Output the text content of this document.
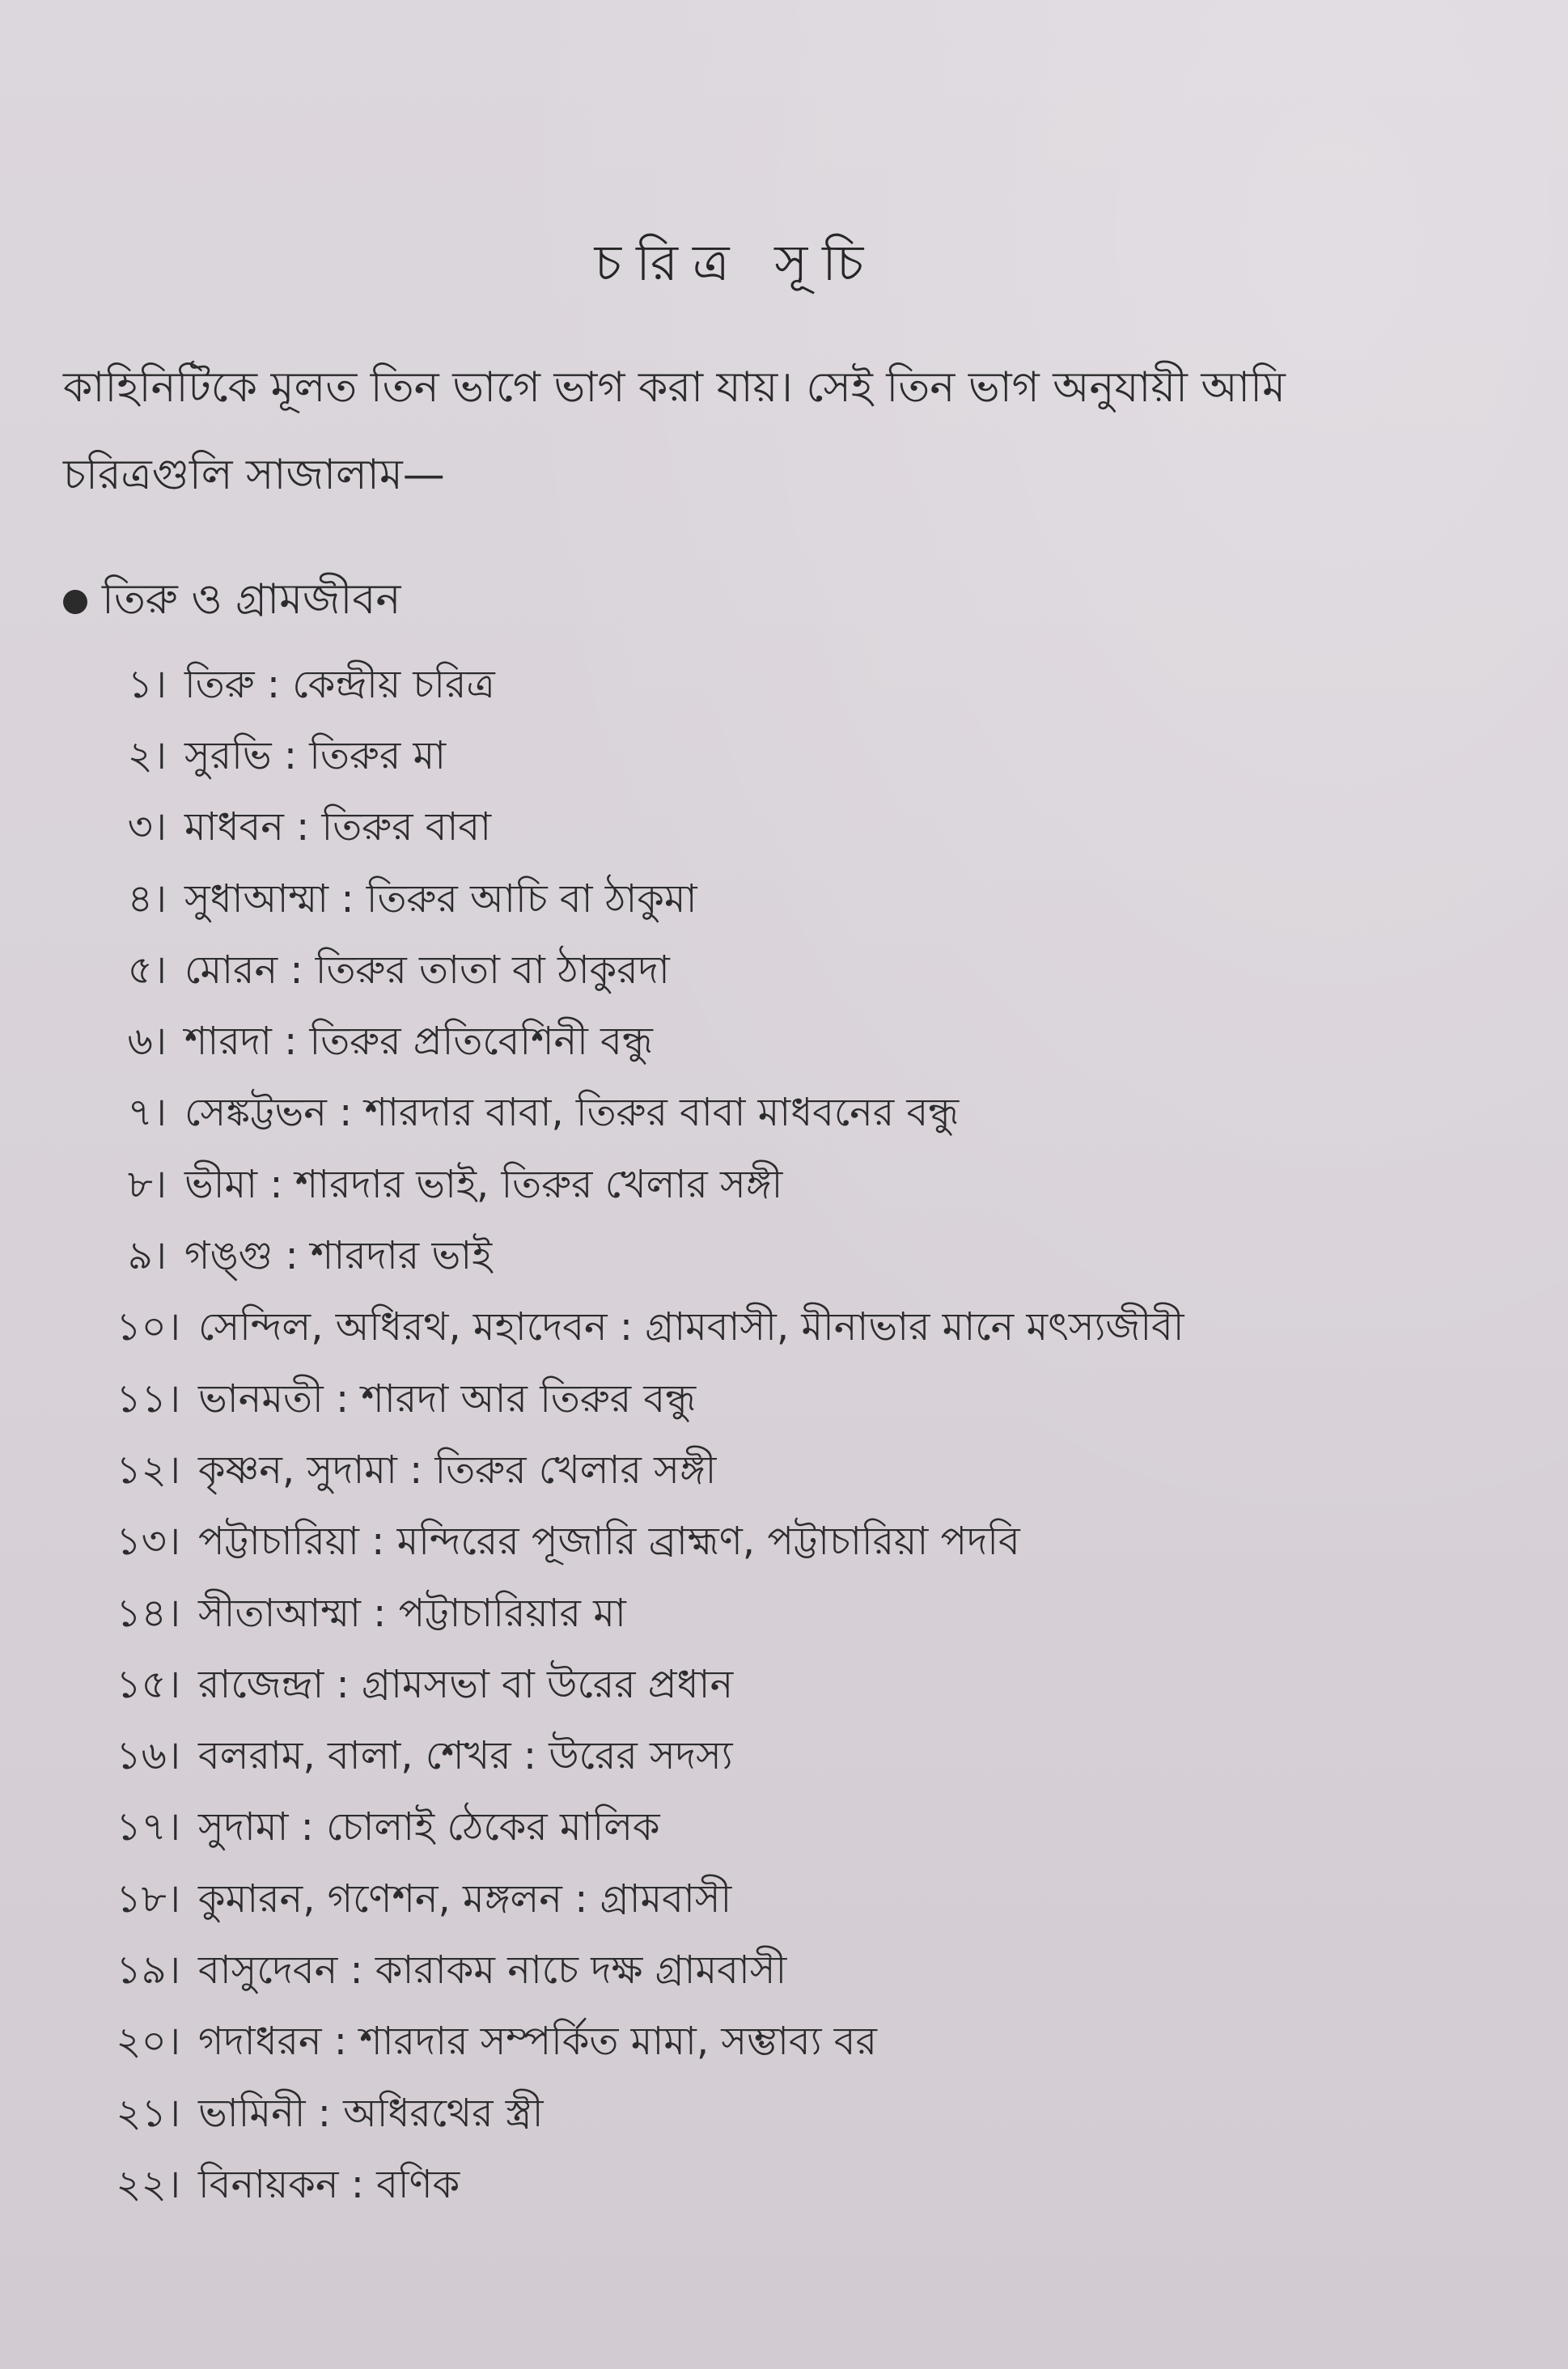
চরিত্র সূচি
কাহিনিটিকে মূলত তিন ভাগে ভাগ করা যায়। সেই তিন ভাগ অনুযায়ী আমি চরিত্রগুলি সাজালাম—
তিরু ও গ্রামজীবন
১। তিরু : কেন্দ্রীয় চরিত্র
২। সুরভি : তিরুর মা
৩। মাধবন : তিরুর বাবা
৪। সুধাআম্মা : তিরুর আচি বা ঠাকুমা
৫। মোরন : তিরুর তাতা বা ঠাকুরদা
৬। শারদা : তিরুর প্রতিবেশিনী বন্ধু
৭। সেঙ্কট্টভন : শারদার বাবা, তিরুর বাবা মাধবনের বন্ধু
৮। ভীমা : শারদার ভাই, তিরুর খেলার সঙ্গী
৯। গঙ্গু : শারদার ভাই
১০। সেন্দিল, অধিরথ, মহাদেবন : গ্রামবাসী, মীনাভার মানে মৎস্যজীবী
১১। ভানমতী : শারদা আর তিরুর বন্ধু
১২। কৃষ্ণন, সুদামা : তিরুর খেলার সঙ্গী
১৩। পট্টাচারিয়া : মন্দিরের পূজারি ব্রাহ্মণ, পট্টাচারিয়া পদবি
১৪। সীতাআম্মা : পট্টাচারিয়ার মা
১৫। রাজেন্দ্রা : গ্রামসভা বা উরের প্রধান
১৬। বলরাম, বালা, শেখর : উরের সদস্য
১৭। সুদামা : চোলাই ঠেকের মালিক
১৮। কুমারন, গণেশন, মঙ্গলন : গ্রামবাসী
১৯। বাসুদেবন : কারাকম নাচে দক্ষ গ্রামবাসী
২০। গদাধরন : শারদার সম্পর্কিত মামা, সম্ভাব্য বর
২১। ভামিনী : অধিরথের স্ত্রী
২২। বিনায়কন : বণিক
